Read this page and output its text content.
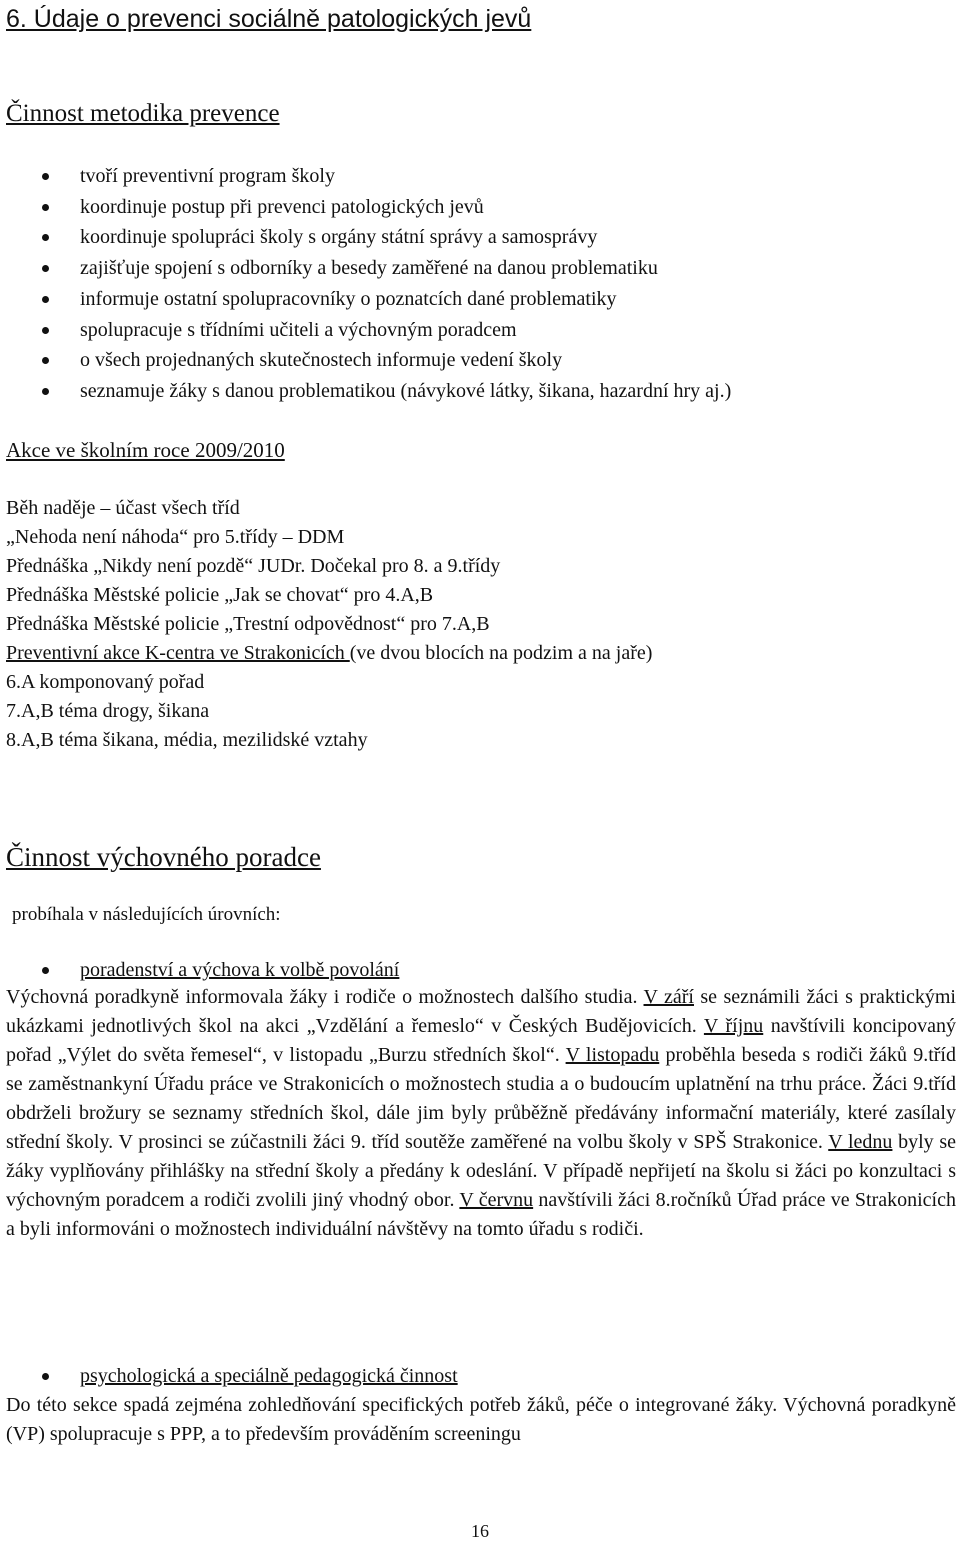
6. Údaje o prevenci sociálně patologických jevů
Činnost metodika prevence
tvoří preventivní program školy
koordinuje postup při prevenci patologických jevů
koordinuje spolupráci školy s orgány státní správy a samosprávy
zajišťuje spojení s odborníky a besedy zaměřené na danou problematiku
informuje ostatní spolupracovníky o poznatcích dané problematiky
spolupracuje s třídními učiteli a výchovným poradcem
o všech projednaných skutečnostech informuje vedení školy
seznamuje žáky s danou problematikou (návykové látky, šikana, hazardní hry aj.)
Akce ve školním roce 2009/2010
Běh naděje – účast všech tříd
„Nehoda není náhoda“ pro 5.třídy – DDM
Přednáška „Nikdy není pozdě“ JUDr. Dočekal pro 8. a 9.třídy
Přednáška Městské policie „Jak se chovat“ pro 4.A,B
Přednáška Městské policie „Trestní odpovědnost“ pro 7.A,B
Preventivní akce K-centra ve Strakonicích (ve dvou blocích na podzim a na jaře)
6.A komponovaný pořad
7.A,B téma drogy, šikana
8.A,B téma šikana, média, mezilidské vztahy
Činnost výchovného poradce
probíhala v následujících úrovních:
poradenství a výchova k volbě povolání
Výchovná poradkyně informovala žáky i rodiče o možnostech dalšího studia. V září se seznámili žáci s praktickými ukázkami jednotlivých škol na akci „Vzdělání a řemeslo“ v Českých Budějovicích. V říjnu navštívili koncipovaný pořad „Výlet do světa řemesel“, v listopadu „Burzu středních škol“. V listopadu proběhla beseda s rodiči žáků 9.tříd se zaměstnankyní Úřadu práce ve Strakonicích o možnostech studia a o budoucím uplatnění na trhu práce. Žáci 9.tříd obdrželi brožury se seznamy středních škol, dále jim byly průběžně předávány informační materiály, které zasílaly střední školy. V prosinci se zúčastnili žáci 9. tříd soutěže zaměřené na volbu školy v SPŠ Strakonice. V lednu byly se žáky vyplňovány přihlášky na střední školy a předány k odeslání. V případě nepřijetí na školu si žáci po konzultaci s výchovným poradcem a rodiči zvolili jiný vhodný obor. V červnu navštívili žáci 8.ročníků Úřad práce ve Strakonicích a byli informováni o možnostech individuální návštěvy na tomto úřadu s rodiči.
psychologická a speciálně pedagogická činnost
Do této sekce spadá zejména zohledňování specifických potřeb žáků, péče o integrované žáky. Výchovná poradkyně (VP) spolupracuje s PPP, a to především prováděním screeningu
16
